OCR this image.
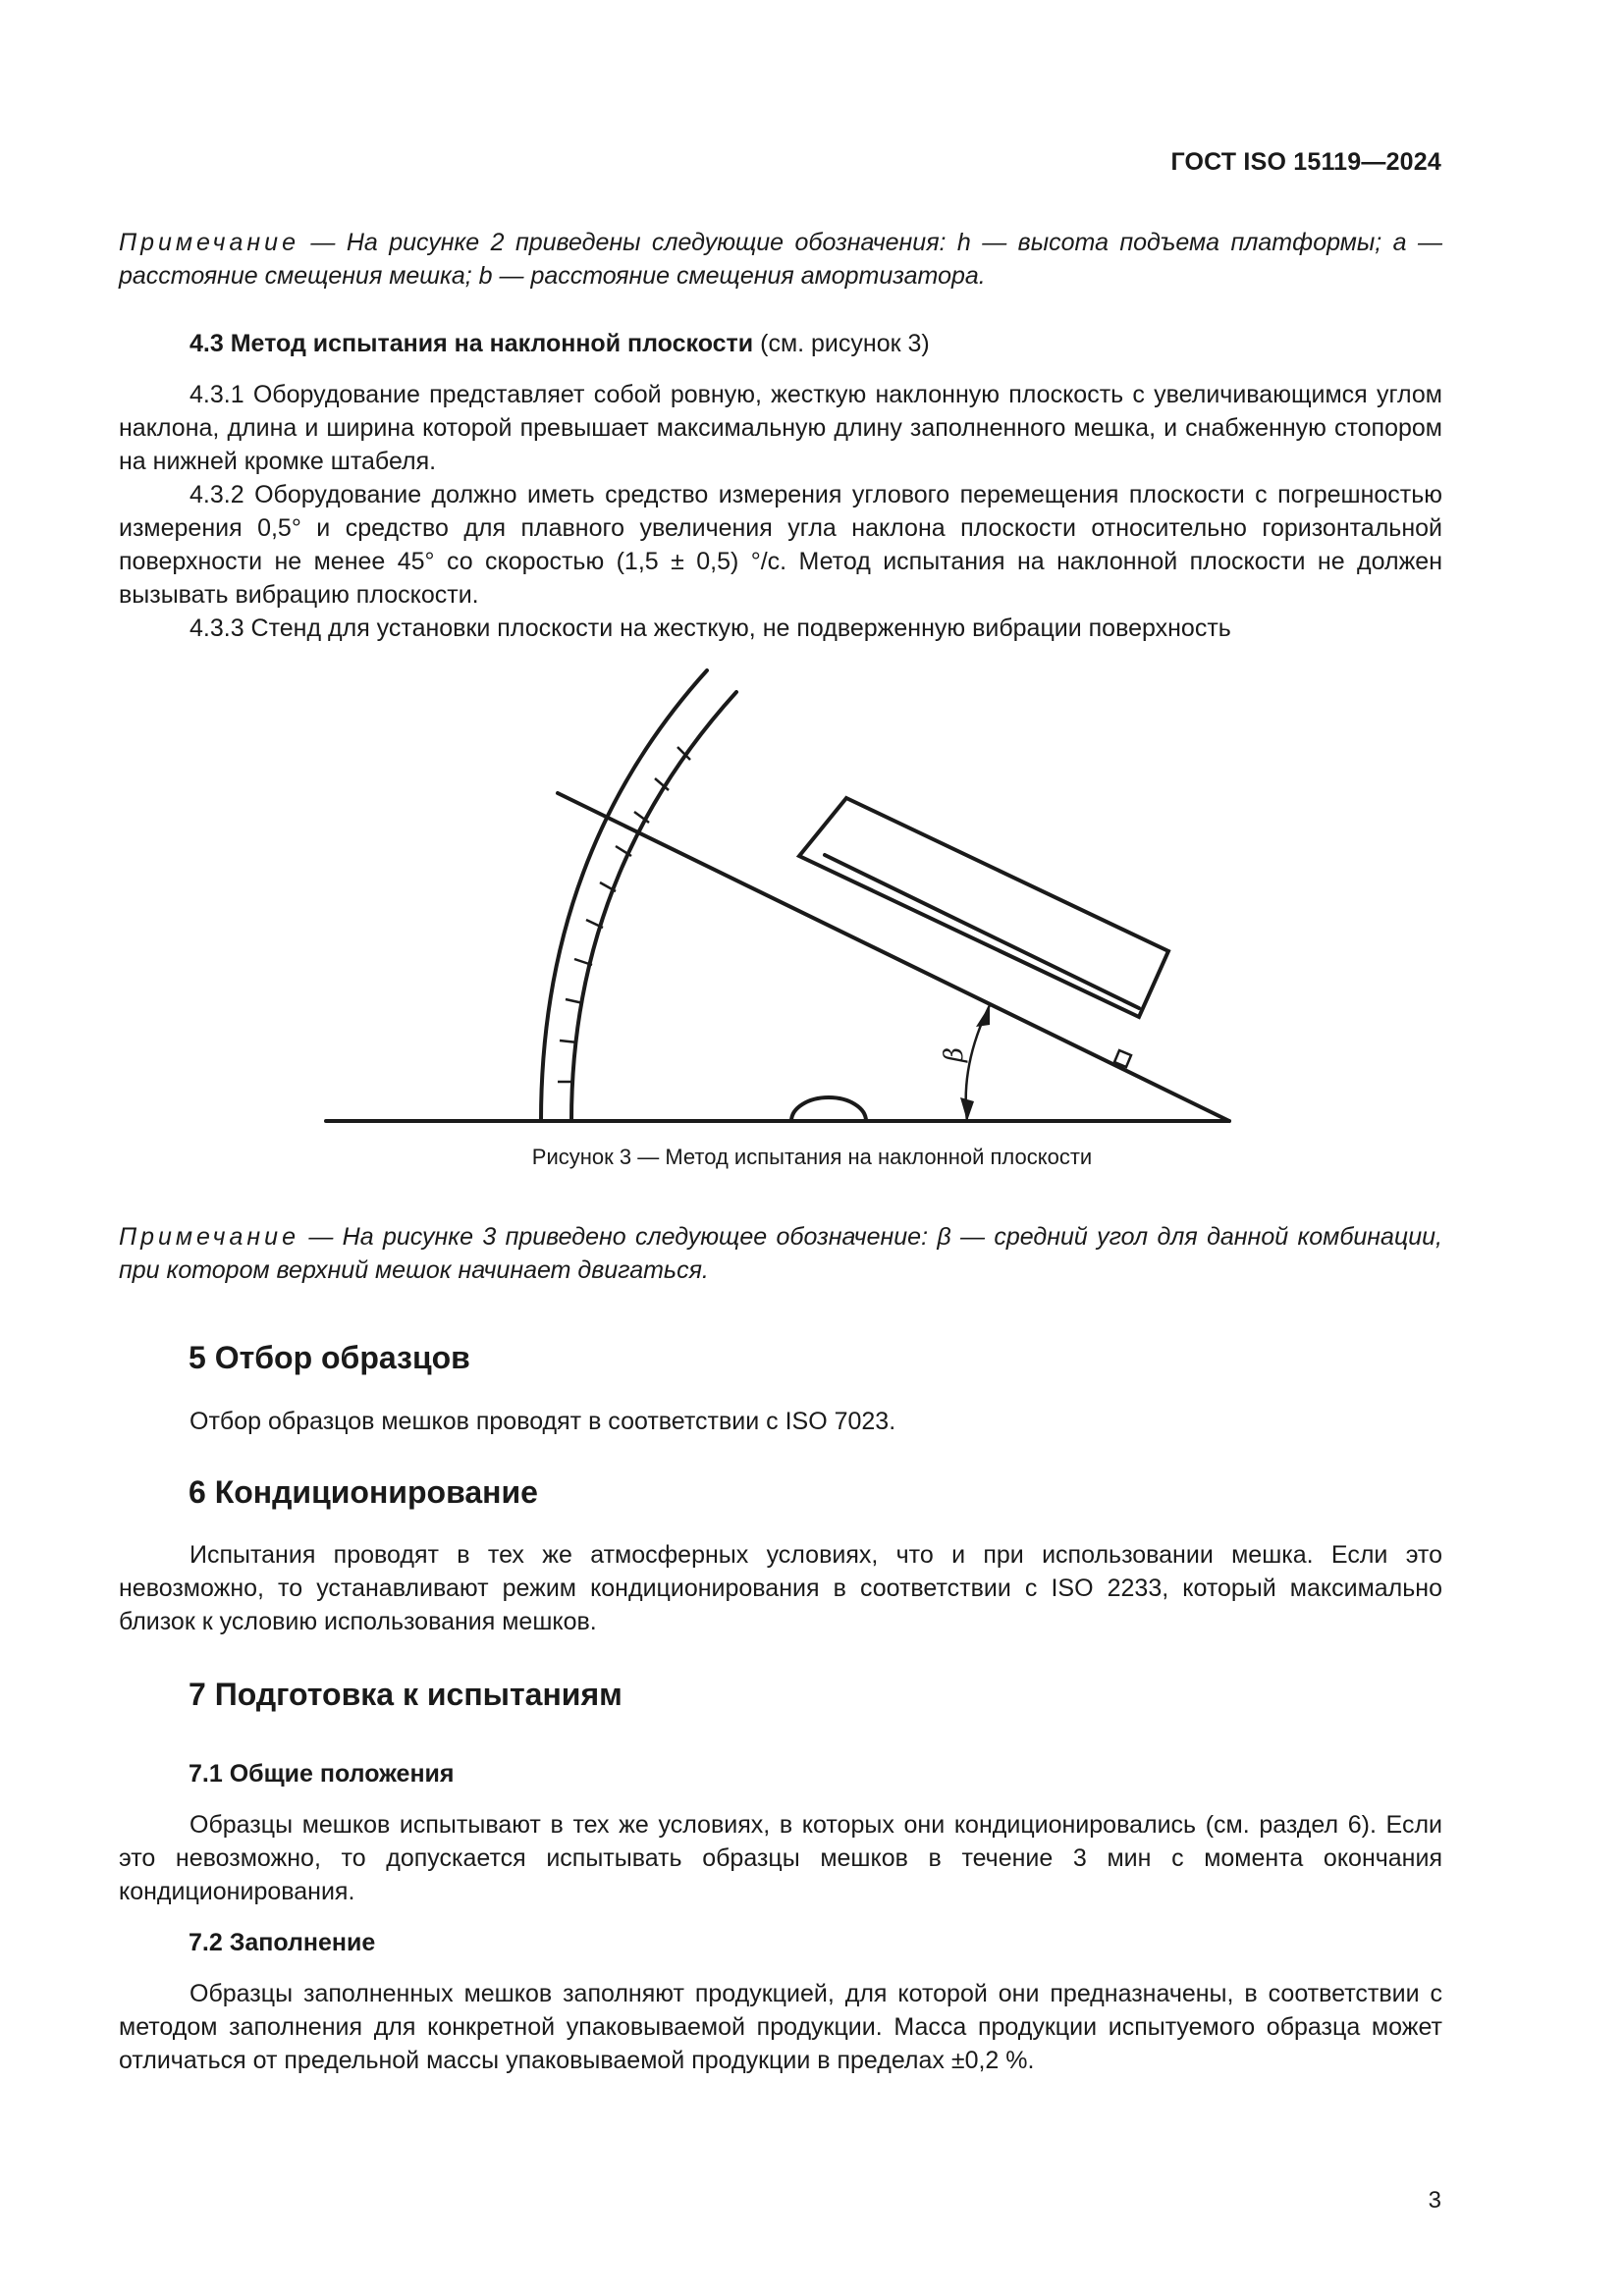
ГОСТ ISO 15119—2024

Примечание — На рисунке 2 приведены следующие обозначения: h — высота подъема платформы; a — расстояние смещения мешка; b — расстояние смещения амортизатора.

4.3 Метод испытания на наклонной плоскости (см. рисунок 3)

4.3.1 Оборудование представляет собой ровную, жесткую наклонную плоскость с увеличивающимся углом наклона, длина и ширина которой превышает максимальную длину заполненного мешка, и снабженную стопором на нижней кромке штабеля.

4.3.2 Оборудование должно иметь средство измерения углового перемещения плоскости с погрешностью измерения 0,5° и средство для плавного увеличения угла наклона плоскости относительно горизонтальной поверхности не менее 45° со скоростью (1,5 ± 0,5) °/с. Метод испытания на наклонной плоскости не должен вызывать вибрацию плоскости.

4.3.3 Стенд для установки плоскости на жесткую, не подверженную вибрации поверхность

β
Рисунок 3 — Метод испытания на наклонной плоскости

Примечание — На рисунке 3 приведено следующее обозначение: β — средний угол для данной комбинации, при котором верхний мешок начинает двигаться.

5 Отбор образцов

Отбор образцов мешков проводят в соответствии с ISO 7023.

6 Кондиционирование

Испытания проводят в тех же атмосферных условиях, что и при использовании мешка. Если это невозможно, то устанавливают режим кондиционирования в соответствии с ISO 2233, который максимально близок к условию использования мешков.

7 Подготовка к испытаниям
7.1 Общие положения

Образцы мешков испытывают в тех же условиях, в которых они кондиционировались (см. раздел 6). Если это невозможно, то допускается испытывать образцы мешков в течение 3 мин с момента окончания кондиционирования.

7.2 Заполнение

Образцы заполненных мешков заполняют продукцией, для которой они предназначены, в соответствии с методом заполнения для конкретной упаковываемой продукции. Масса продукции испытуемого образца может отличаться от предельной массы упаковываемой продукции в пределах ±0,2 %.

3
